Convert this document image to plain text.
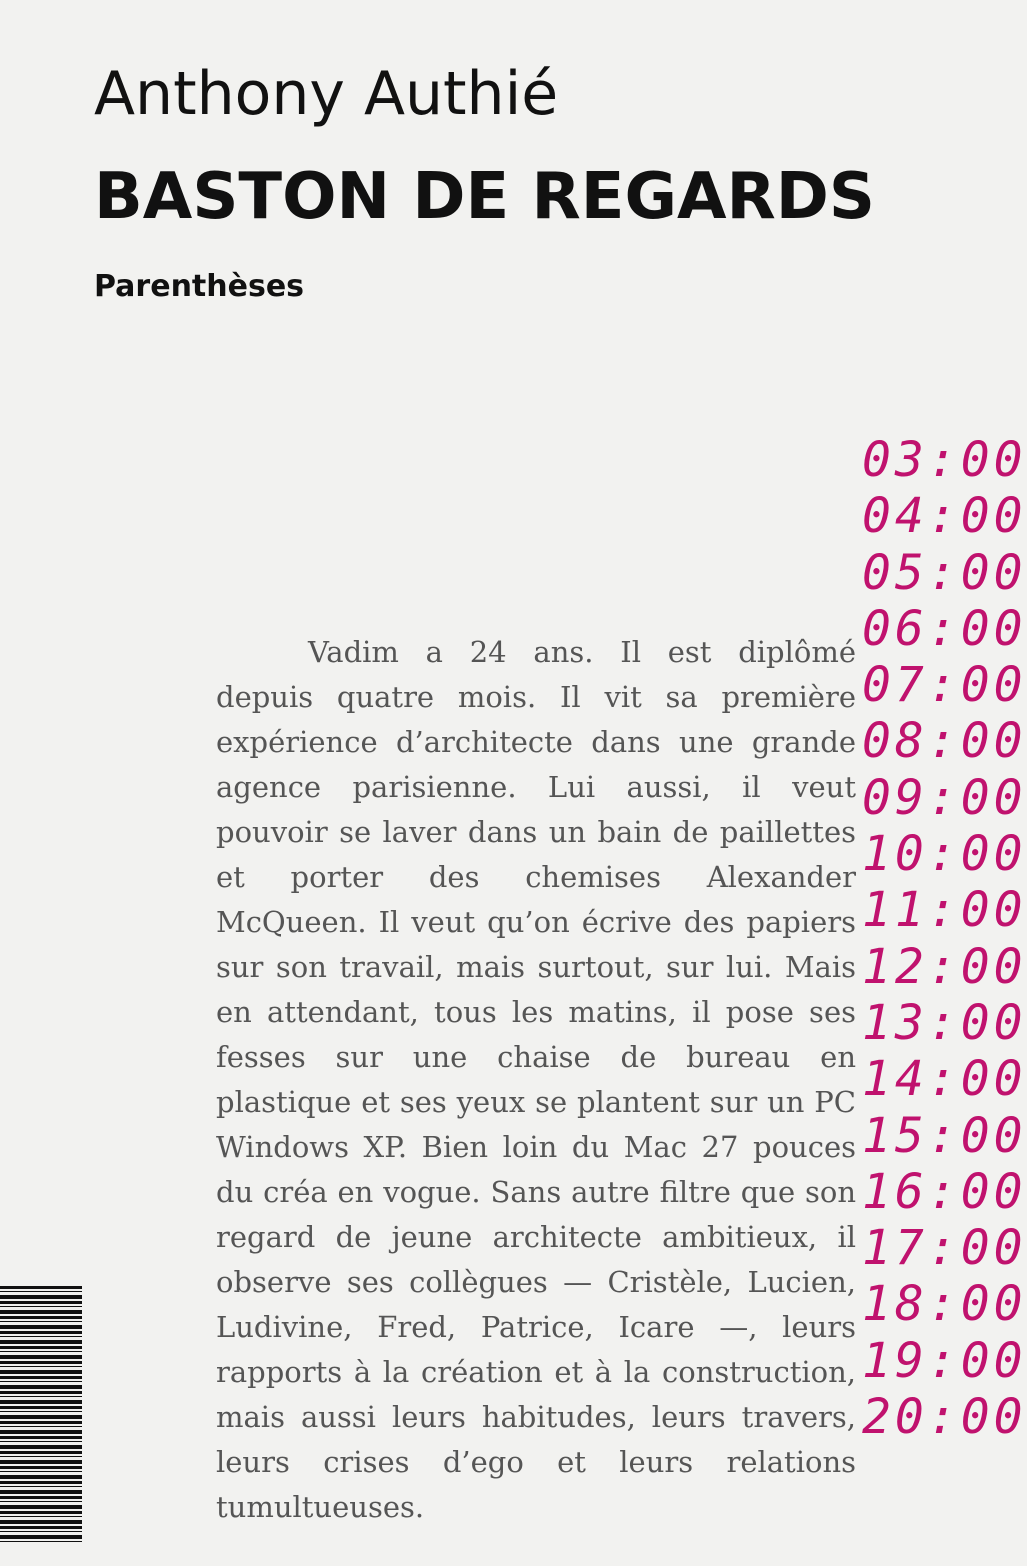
Anthony Authié
BASTON DE REGARDS
Parenthèses

Vadim a 24 ans. Il est diplômé depuis quatre mois. Il vit sa première expérience d’architecte dans une grande agence parisienne. Lui aussi, il veut pouvoir se laver dans un bain de paillettes et porter des chemises Alexander McQueen. Il veut qu’on écrive des papiers sur son travail, mais surtout, sur lui. Mais en attendant, tous les matins, il pose ses fesses sur une chaise de bureau en plastique et ses yeux se plantent sur un PC Windows XP. Bien loin du Mac 27 pouces du créa en vogue. Sans autre filtre que son regard de jeune architecte ambitieux, il observe ses collègues — Cristèle, Lucien, Ludivine, Fred, Patrice, Icare —, leurs rapports à la création et à la construction, mais aussi leurs habitudes, leurs travers, leurs crises d’ego et leurs relations tumultueuses.

03:00
04:00
05:00
06:00
07:00
08:00
09:00
10:00
11:00
12:00
13:00
14:00
15:00
16:00
17:00
18:00
19:00
20:00
